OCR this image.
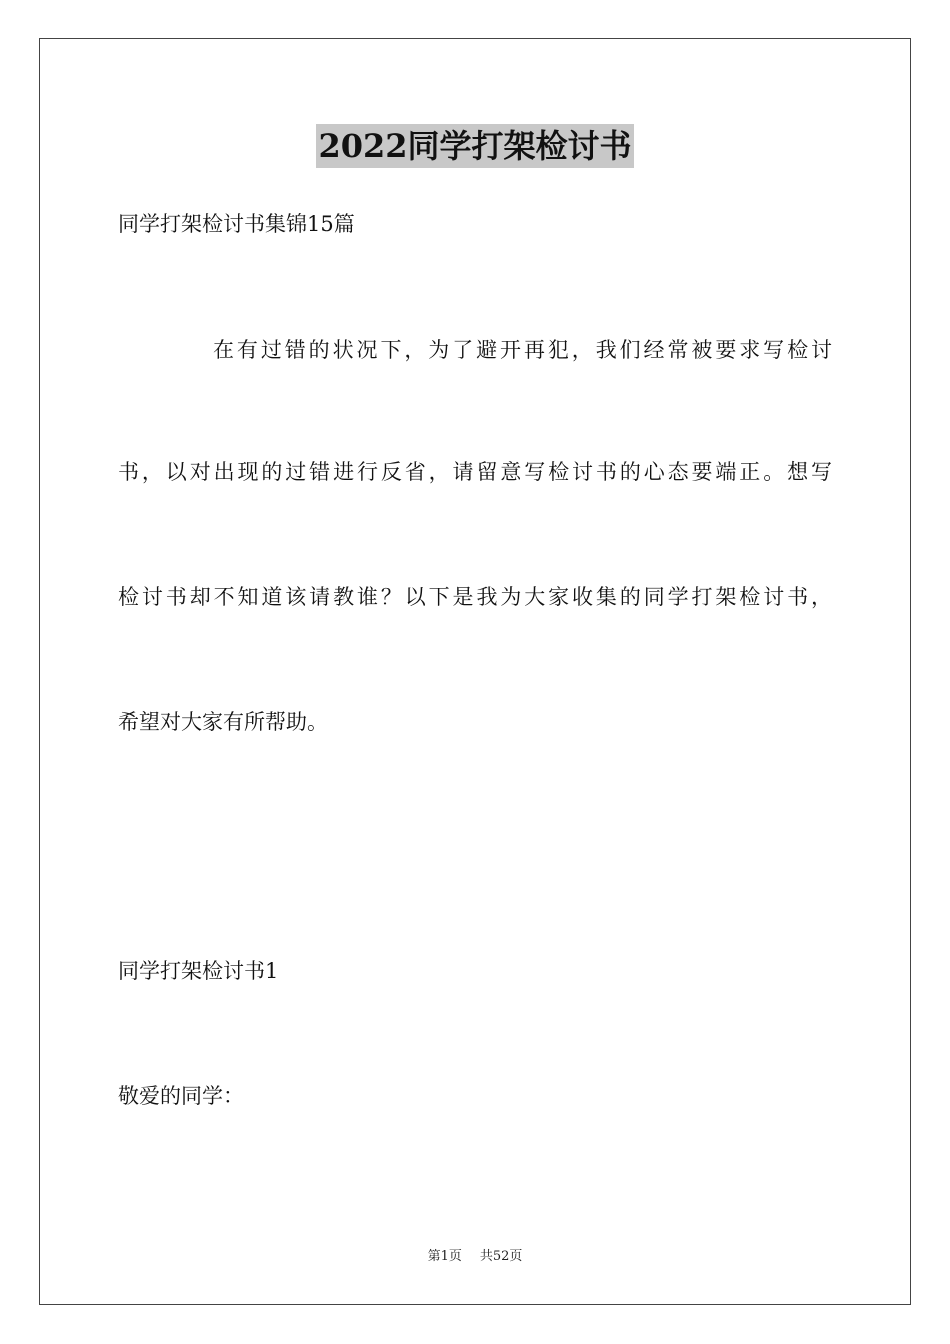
2022同学打架检讨书
同学打架检讨书集锦15篇
在有过错的状况下，为了避开再犯，我们经常被要求写检讨
书，以对出现的过错进行反省，请留意写检讨书的心态要端正。想写
检讨书却不知道该请教谁？以下是我为大家收集的同学打架检讨书，
希望对大家有所帮助。
同学打架检讨书1
敬爱的同学：
第1页 共52页
